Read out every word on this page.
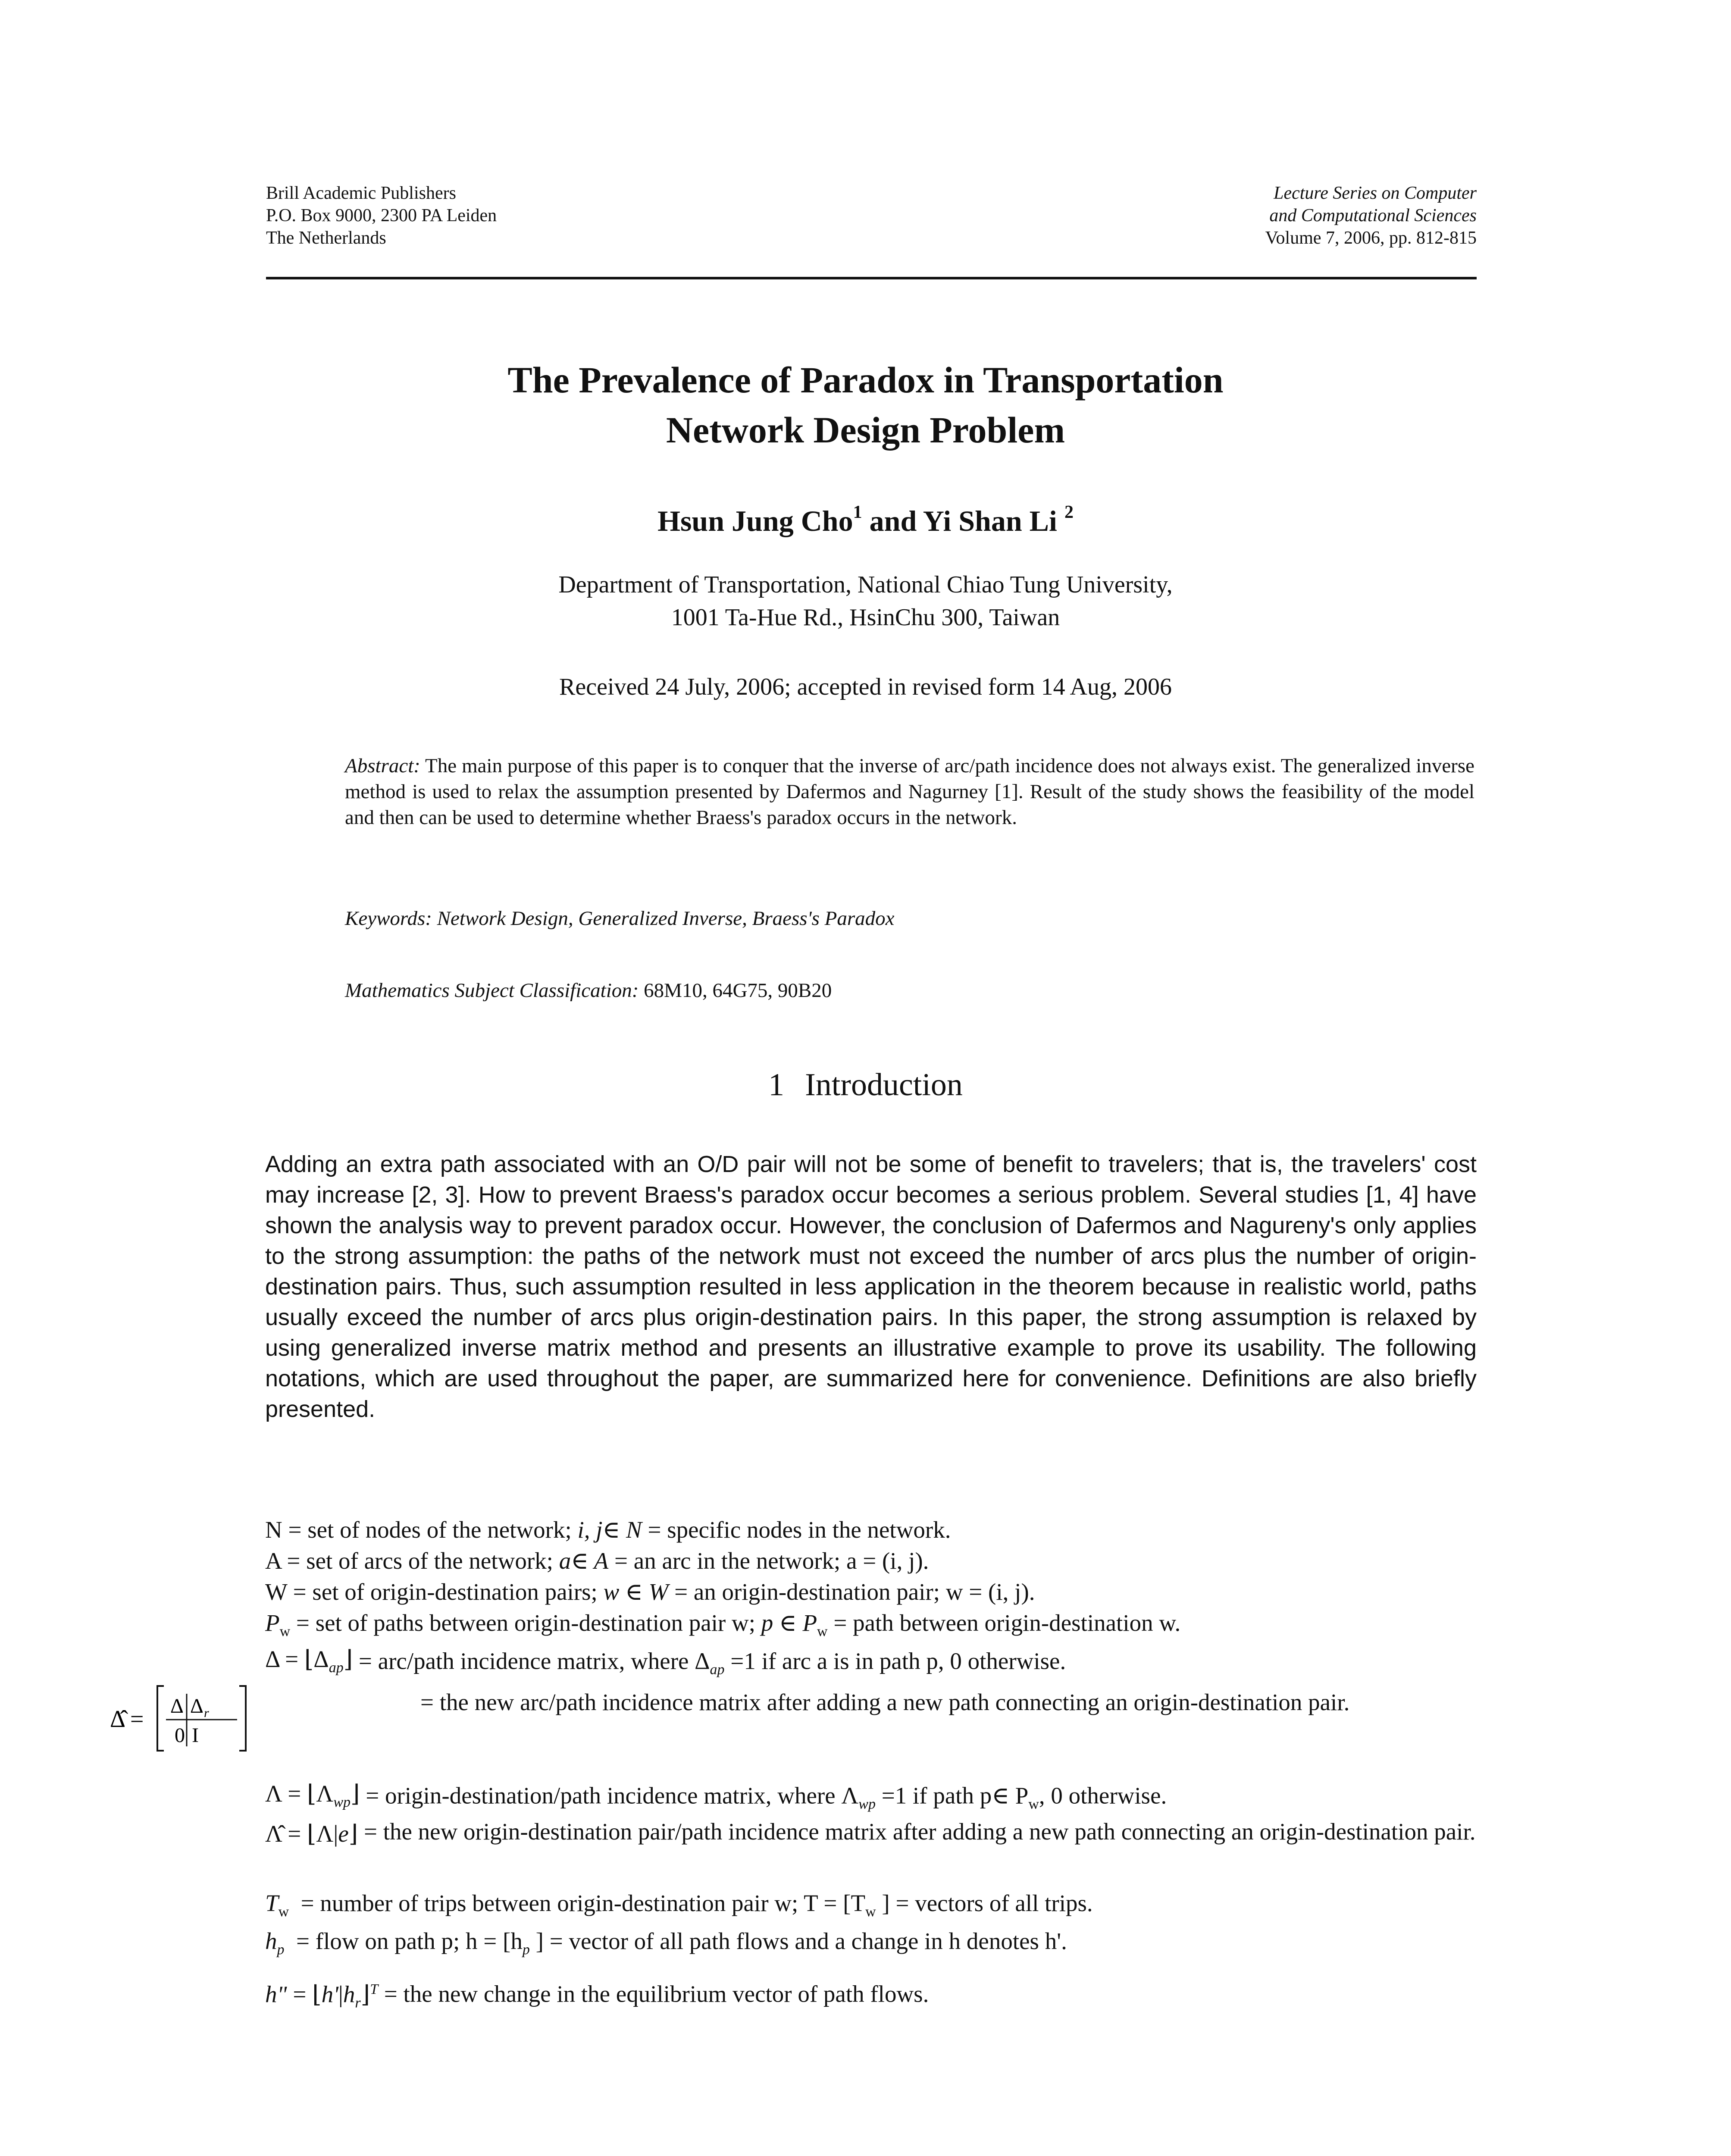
Brill Academic Publishers
P.O. Box 9000, 2300 PA Leiden
The Netherlands
Lecture Series on Computer
and Computational Sciences
Volume 7, 2006, pp. 812-815
The Prevalence of Paradox in Transportation
Network Design Problem
Hsun Jung Cho$^1$ and Yi Shan Li $^2$
Department of Transportation, National Chiao Tung University,
1001 Ta-Hue Rd., HsinChu 300, Taiwan
Received 24 July, 2006; accepted in revised form 14 Aug, 2006
Abstract: The main purpose of this paper is to conquer that the inverse of arc/path incidence does not always exist. The generalized inverse method is used to relax the assumption presented by Dafermos and Nagurney [1]. Result of the study shows the feasibility of the model and then can be used to determine whether Braess's paradox occurs in the network.
Keywords: Network Design, Generalized Inverse, Braess's Paradox
Mathematics Subject Classification: 68M10, 64G75, 90B20
1 Introduction
Adding an extra path associated with an O/D pair will not be some of benefit to travelers; that is, the travelers' cost may increase [2, 3]. How to prevent Braess's paradox occur becomes a serious problem. Several studies [1, 4] have shown the analysis way to prevent paradox occur. However, the conclusion of Dafermos and Nagureny's only applies to the strong assumption: the paths of the network must not exceed the number of arcs plus the number of origin-destination pairs. Thus, such assumption resulted in less application in the theorem because in realistic world, paths usually exceed the number of arcs plus origin-destination pairs. In this paper, the strong assumption is relaxed by using generalized inverse matrix method and presents an illustrative example to prove its usability. The following notations, which are used throughout the paper, are summarized here for convenience. Definitions are also briefly presented.
N = set of nodes of the network; i, j∈ N = specific nodes in the network.
A = set of arcs of the network; a∈ A = an arc in the network; a = (i, j).
W = set of origin-destination pairs; w ∈ W = an origin-destination pair; w = (i, j).
$P_w$ = set of paths between origin-destination pair w; p ∈ $P_w$ = path between origin-destination w.
$\Delta = ⌊\Delta_{ap}⌋$ = arc/path incidence matrix, where $\Delta_{ap} =1$ if arc a is in path p, 0 otherwise.
Δ̂ = Δ Δ r
0 I
= the new arc/path incidence matrix after adding a new path connecting an origin-destination pair.
$\Lambda = ⌊\Lambda_{wp}⌋$ = origin-destination/path incidence matrix, where $\Lambda_{wp} =1$ if path p∈ $P_w$, 0 otherwise.
Λ̂ = ⌊Λ|e⌋ = the new origin-destination pair/path incidence matrix after adding a new path connecting an origin-destination pair.
$T_w$  = number of trips between origin-destination pair w; $T = [T_w$ ] = vectors of all trips.
$h_p$  = flow on path p; $h = [h_p$ ] = vector of all path flows and a change in h denotes h'.
h" = $⌊h'|h_r⌋^T$ = the new change in the equilibrium vector of path flows.
